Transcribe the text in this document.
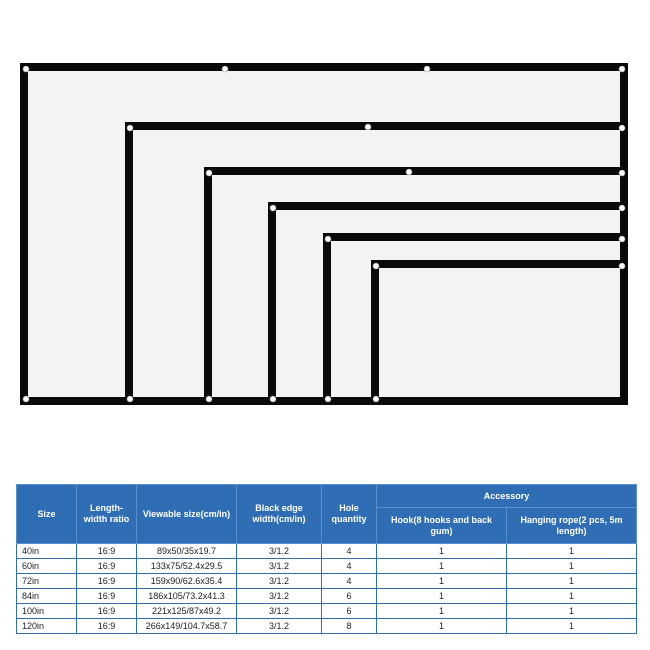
Size	Length-width ratio	Viewable size(cm/in)	Black edge width(cm/in)	Hole quantity	Accessory	
					Hook(8 hooks and back gum)	Hanging rope(2 pcs, 5m length)
40in	16:9	89x50/35x19.7	3/1.2	4	1	1
60in	16:9	133x75/52.4x29.5	3/1.2	4	1	1
72in	16:9	159x90/62.6x35.4	3/1.2	4	1	1
84in	16:9	186x105/73.2x41.3	3/1.2	6	1	1
100in	16:9	221x125/87x49.2	3/1.2	6	1	1
120in	16:9	266x149/104.7x58.7	3/1.2	8	1	1
